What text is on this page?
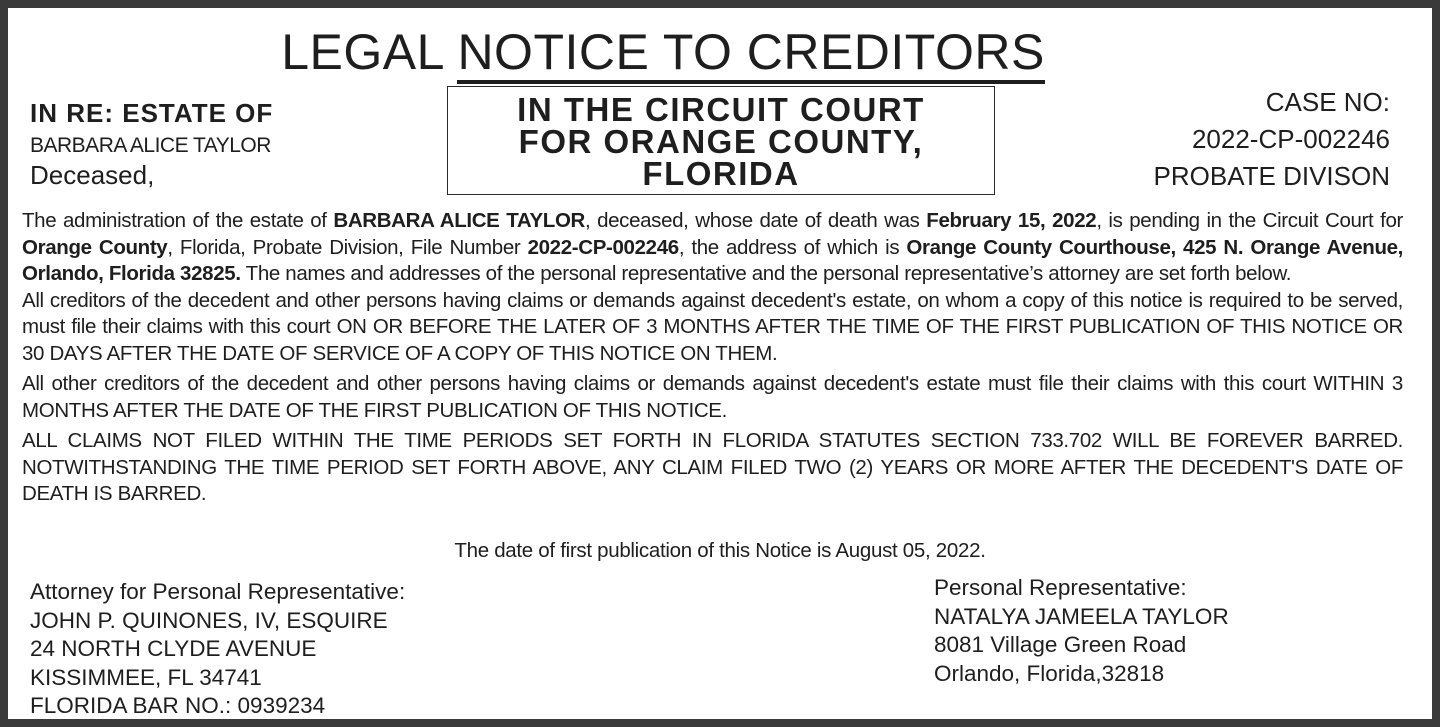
LEGAL NOTICE TO CREDITORS
IN RE: ESTATE OF
BARBARA ALICE TAYLOR
Deceased,
IN THE CIRCUIT COURT
FOR ORANGE COUNTY,
FLORIDA
CASE NO:
2022-CP-002246
PROBATE DIVISON

The administration of the estate of BARBARA ALICE TAYLOR, deceased, whose date of death was February 15, 2022, is pending in the Circuit Court for Orange County, Florida, Probate Division, File Number 2022-CP-002246, the address of which is Orange County Courthouse, 425 N. Orange Avenue, Orlando, Florida 32825. The names and addresses of the personal representative and the personal representative’s attorney are set forth below.

All creditors of the decedent and other persons having claims or demands against decedent's estate, on whom a copy of this notice is required to be served, must file their claims with this court ON OR BEFORE THE LATER OF 3 MONTHS AFTER THE TIME OF THE FIRST PUBLICATION OF THIS NOTICE OR 30 DAYS AFTER THE DATE OF SERVICE OF A COPY OF THIS NOTICE ON THEM.

All other creditors of the decedent and other persons having claims or demands against decedent's estate must file their claims with this court WITHIN 3 MONTHS AFTER THE DATE OF THE FIRST PUBLICATION OF THIS NOTICE.

ALL CLAIMS NOT FILED WITHIN THE TIME PERIODS SET FORTH IN FLORIDA STATUTES SECTION 733.702 WILL BE FOREVER BARRED. NOTWITHSTANDING THE TIME PERIOD SET FORTH ABOVE, ANY CLAIM FILED TWO (2) YEARS OR MORE AFTER THE DECEDENT'S DATE OF DEATH IS BARRED.

The date of first publication of this Notice is August 05, 2022.
Attorney for Personal Representative:
JOHN P. QUINONES, IV, ESQUIRE
24 NORTH CLYDE AVENUE
KISSIMMEE, FL 34741
FLORIDA BAR NO.: 0939234
Personal Representative:
NATALYA JAMEELA TAYLOR
8081 Village Green Road
Orlando, Florida,32818
